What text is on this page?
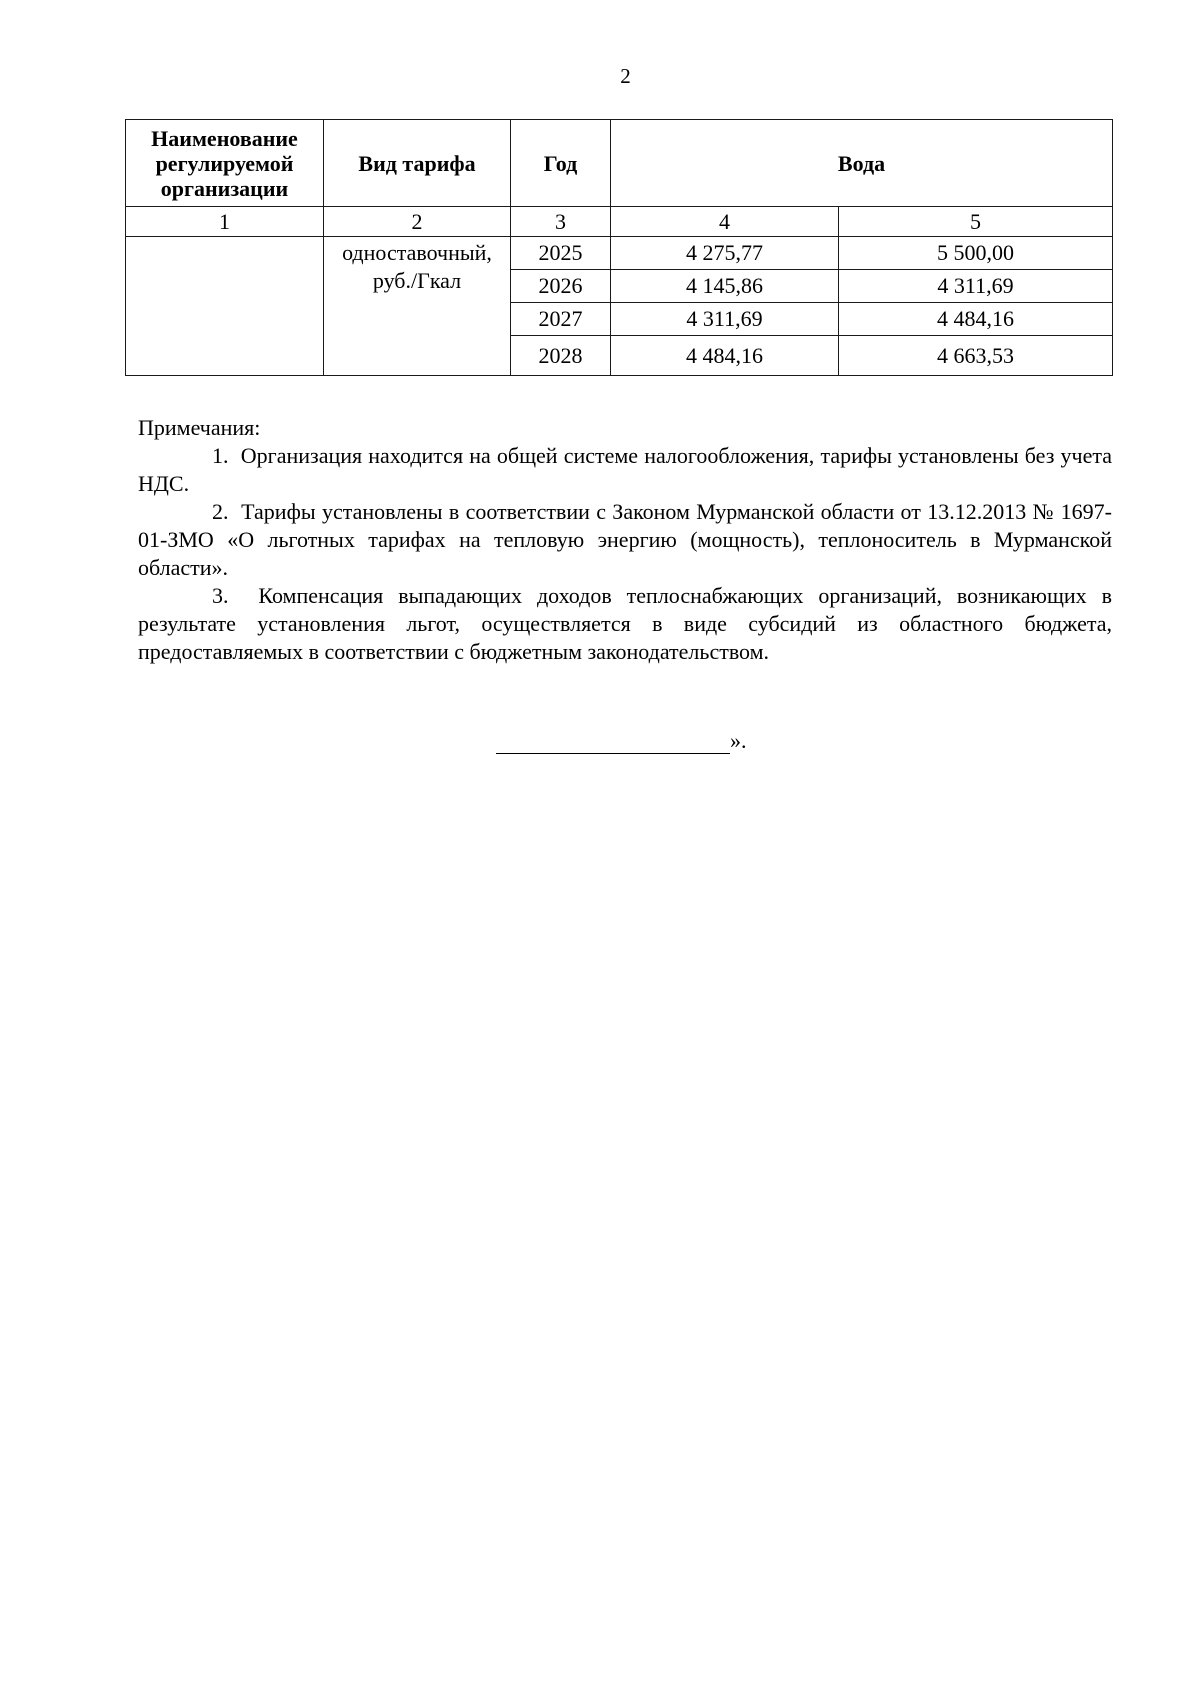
2
Наименование регулируемой организации	Вид тарифа	Год	Вода	
1	2	3	4	5
	одноставочный, руб./Гкал	2025	4 275,77	5 500,00
		2026	4 145,86	4 311,69
		2027	4 311,69	4 484,16
		2028	4 484,16	4 663,53

Примечания:

1.  Организация находится на общей системе налогообложения, тарифы установлены без учета НДС.

2.  Тарифы установлены в соответствии с Законом Мурманской области от 13.12.2013 № 1697-01-ЗМО «О льготных тарифах на тепловую энергию (мощность), теплоноситель в Мурманской области».

3.  Компенсация выпадающих доходов теплоснабжающих организаций, возникающих в результате установления льгот, осуществляется в виде субсидий из областного бюджета, предоставляемых в соответствии с бюджетным законодательством.

».
